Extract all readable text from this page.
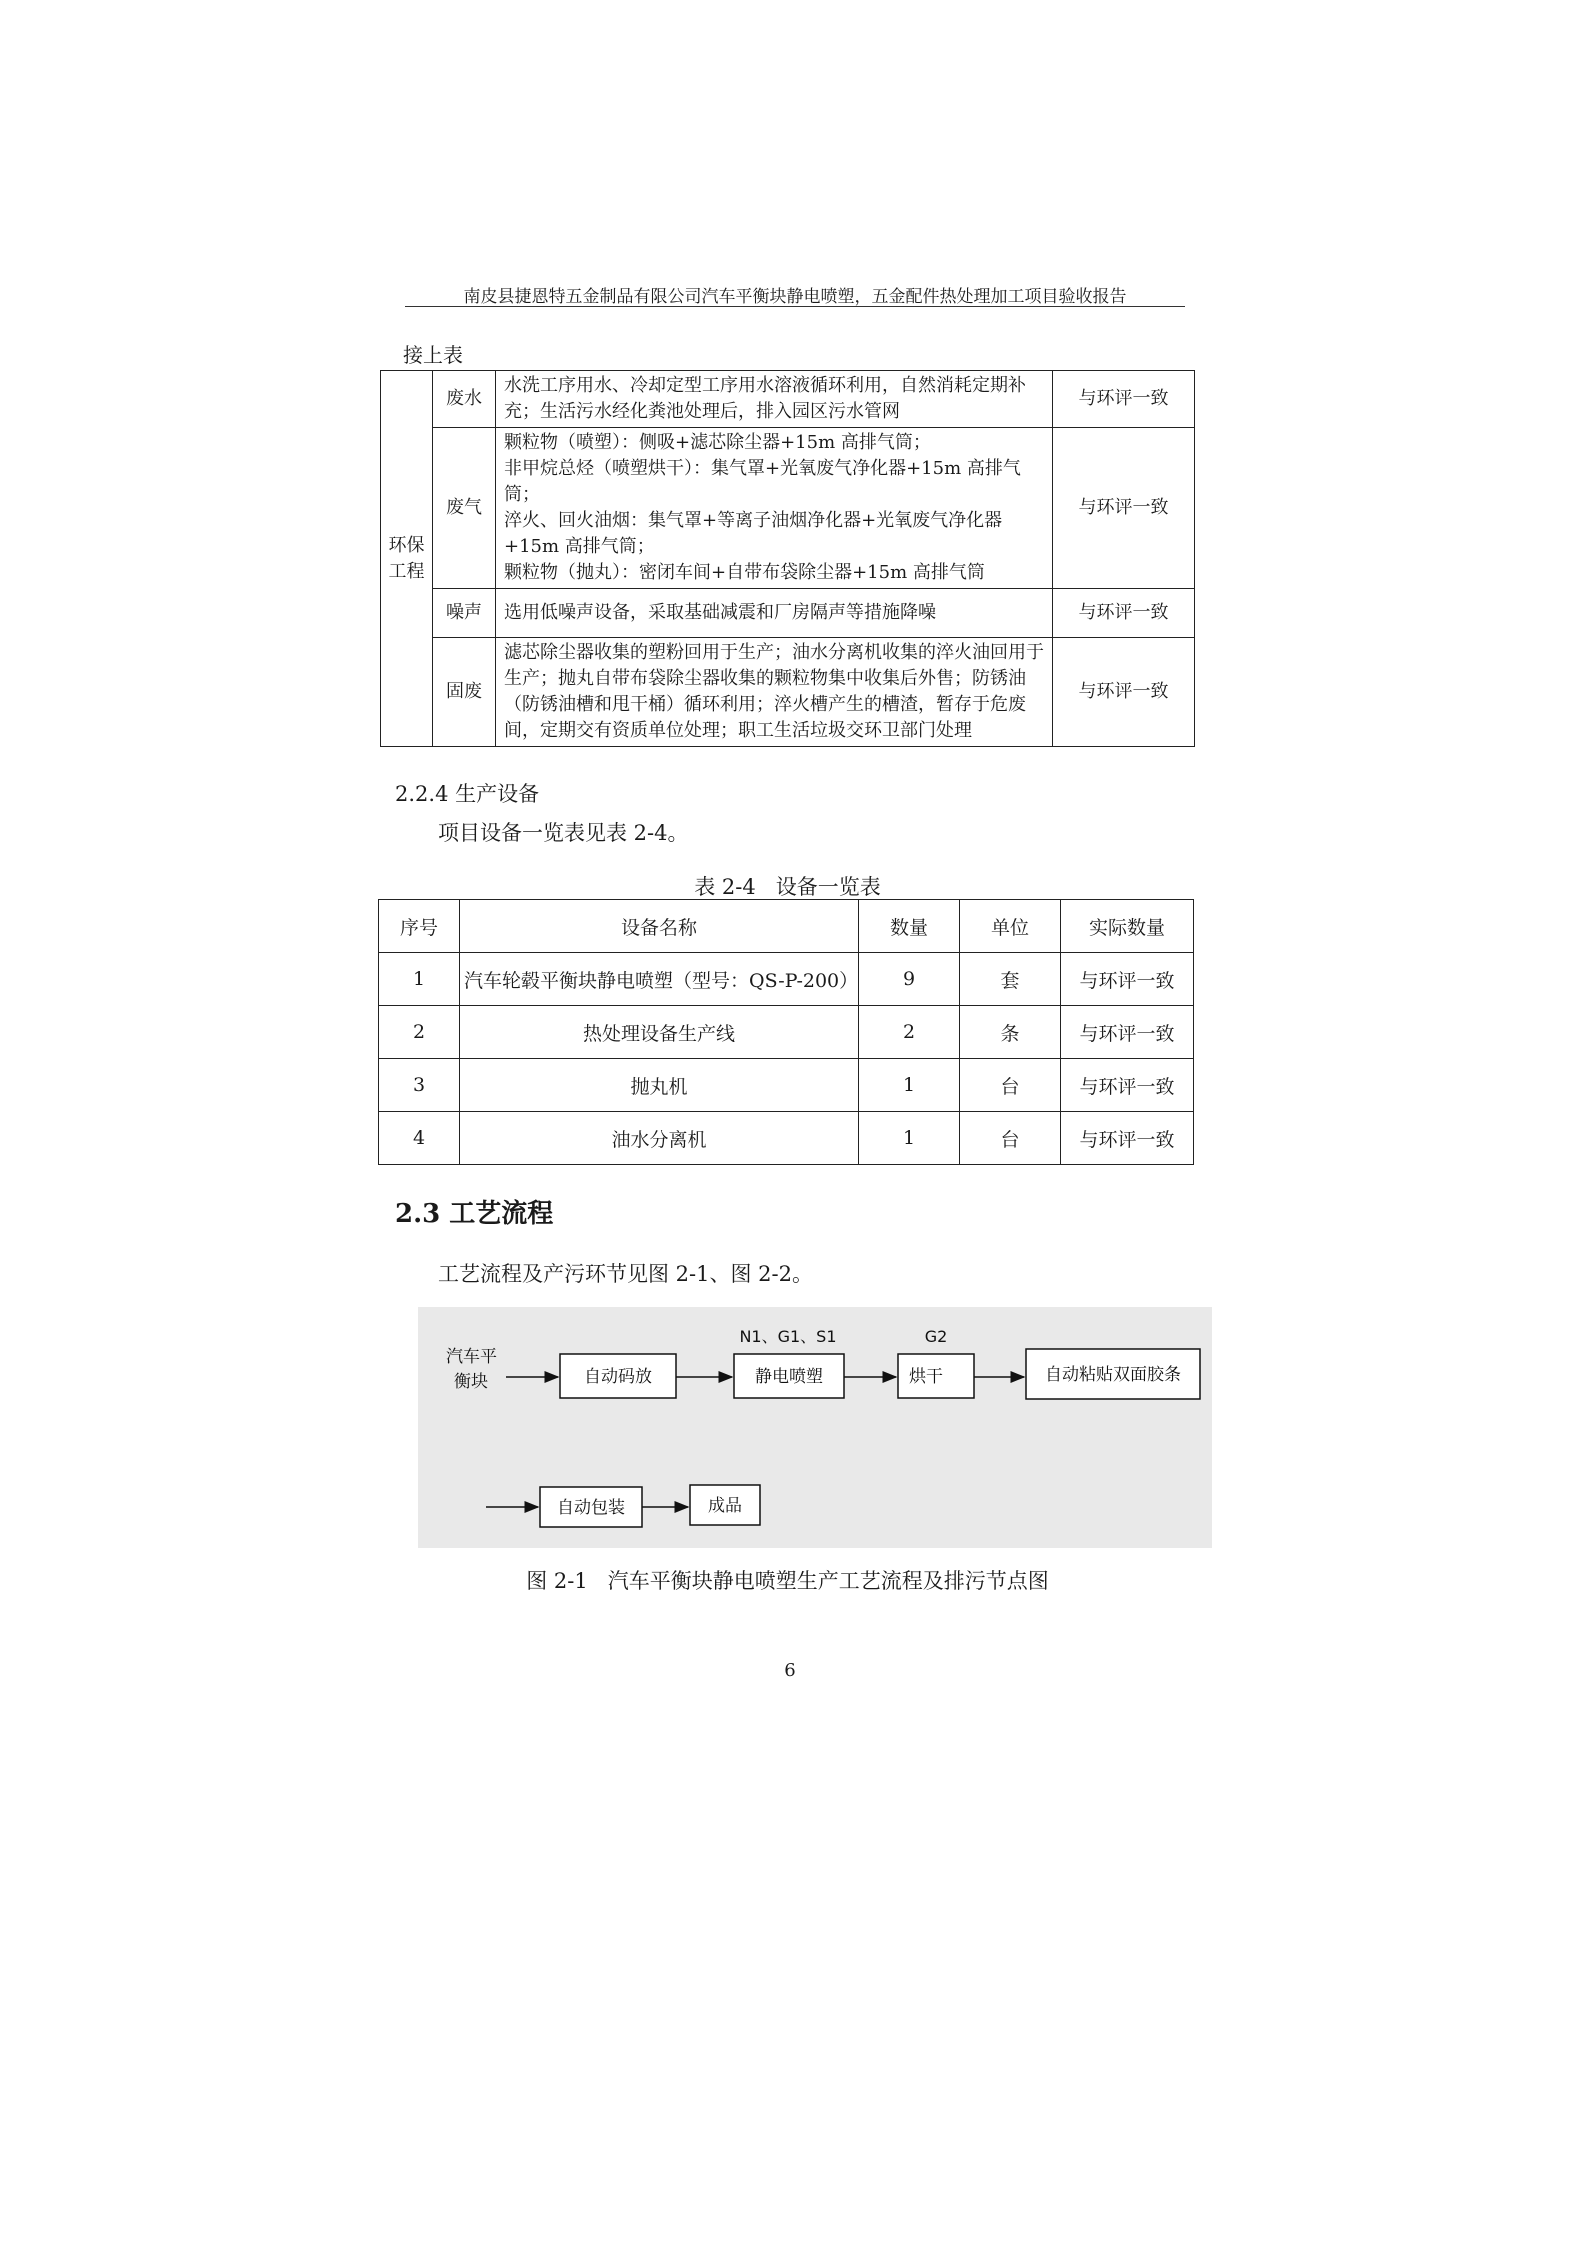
南皮县捷恩特五金制品有限公司汽车平衡块静电喷塑，五金配件热处理加工项目验收报告
接上表
环保
工程	废水	水洗工序用水、冷却定型工序用水溶液循环利用，自然消耗定期补充；生活污水经化粪池处理后，排入园区污水管网	与环评一致
	废气	颗粒物（喷塑）：侧吸+滤芯除尘器+15m 高排气筒；
非甲烷总烃（喷塑烘干）：集气罩+光氧废气净化器+15m 高排气筒；
淬火、回火油烟：集气罩+等离子油烟净化器+光氧废气净化器+15m 高排气筒；
颗粒物（抛丸）：密闭车间+自带布袋除尘器+15m 高排气筒	与环评一致
	噪声	选用低噪声设备，采取基础减震和厂房隔声等措施降噪	与环评一致
	固废	滤芯除尘器收集的塑粉回用于生产；油水分离机收集的淬火油回用于生产；抛丸自带布袋除尘器收集的颗粒物集中收集后外售；防锈油（防锈油槽和甩干桶）循环利用；淬火槽产生的槽渣，暂存于危废间，定期交有资质单位处理；职工生活垃圾交环卫部门处理	与环评一致
2.2.4 生产设备
项目设备一览表见表 2-4。
表 2-4   设备一览表
序号	设备名称	数量	单位	实际数量
1	汽车轮毂平衡块静电喷塑（型号：QS-P-200）	9	套	与环评一致
2	热处理设备生产线	2	条	与环评一致
3	抛丸机	1	台	与环评一致
4	油水分离机	1	台	与环评一致
2.3 工艺流程
工艺流程及产污环节见图 2-1、图 2-2。
汽车平
衡块	自动码放
N1、G1、S1
静电喷塑
G2
烘干	自动粘贴双面胶条
自动包装	成品
图 2-1   汽车平衡块静电喷塑生产工艺流程及排污节点图
6
